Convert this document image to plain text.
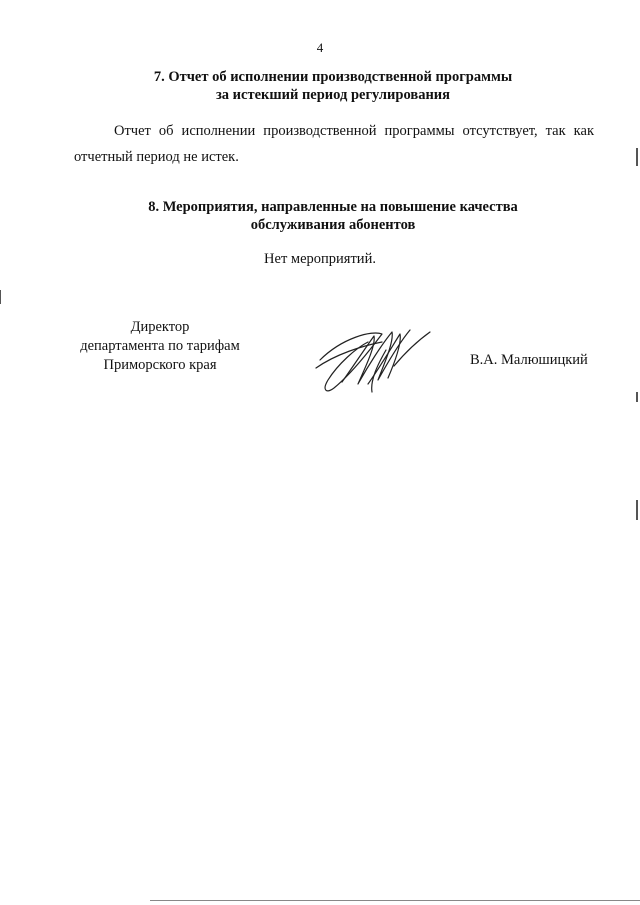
4
7. Отчет об исполнении производственной программы
за истекший период регулирования
Отчет об исполнении производственной программы отсутствует, так как отчетный период не истек.
8. Мероприятия, направленные на повышение качества
обслуживания абонентов
Нет мероприятий.
Директор
департамента по тарифам
Приморского края	В.А. Малюшицкий
